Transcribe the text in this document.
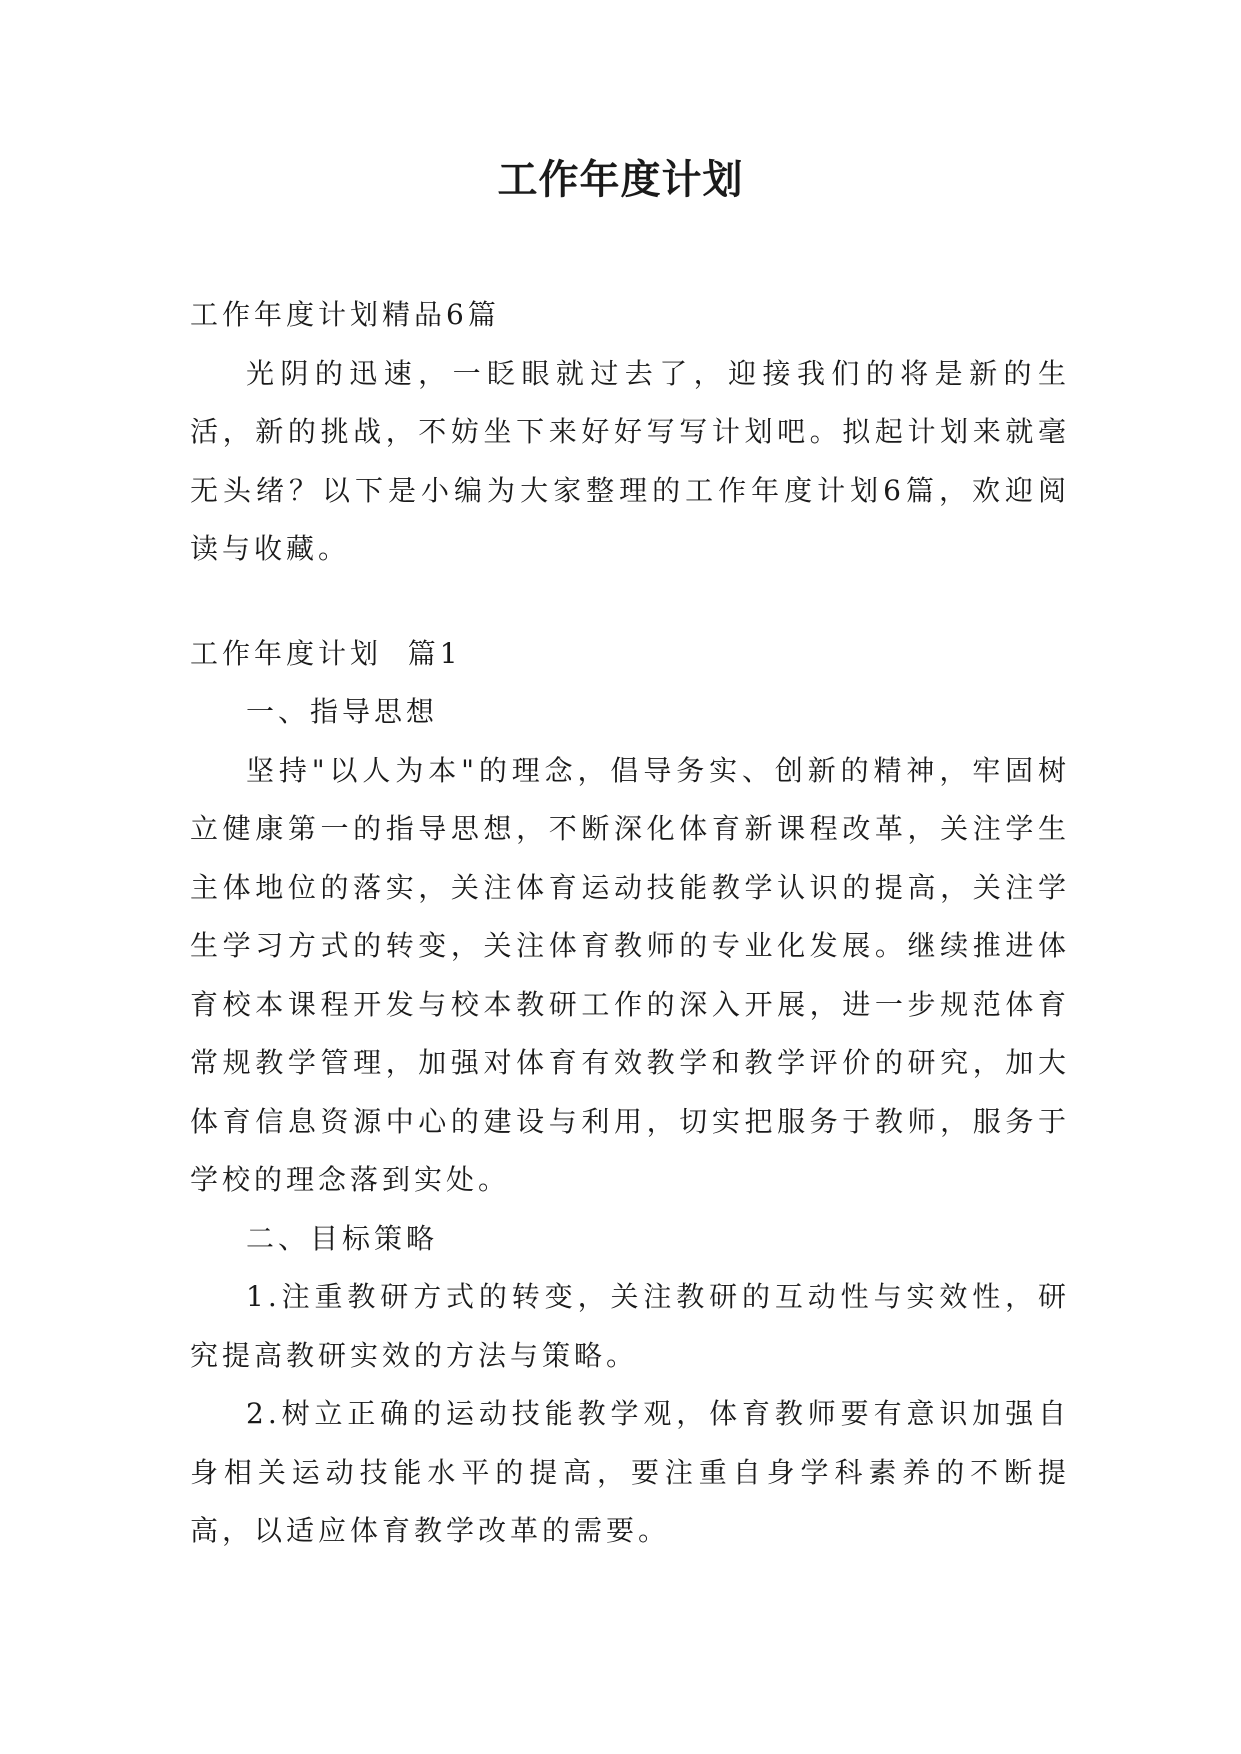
工作年度计划

工作年度计划精品6篇

光阴的迅速，一眨眼就过去了，迎接我们的将是新的生活，新的挑战，不妨坐下来好好写写计划吧。拟起计划来就毫无头绪？以下是小编为大家整理的工作年度计划6篇，欢迎阅读与收藏。

工作年度计划  篇1

一、指导思想

坚持"以人为本"的理念，倡导务实、创新的精神，牢固树立健康第一的指导思想，不断深化体育新课程改革，关注学生主体地位的落实，关注体育运动技能教学认识的提高，关注学生学习方式的转变，关注体育教师的专业化发展。继续推进体育校本课程开发与校本教研工作的深入开展，进一步规范体育常规教学管理，加强对体育有效教学和教学评价的研究，加大体育信息资源中心的建设与利用，切实把服务于教师，服务于学校的理念落到实处。

二、目标策略

1.注重教研方式的转变，关注教研的互动性与实效性，研究提高教研实效的方法与策略。

2.树立正确的运动技能教学观，体育教师要有意识加强自身相关运动技能水平的提高，要注重自身学科素养的不断提高，以适应体育教学改革的需要。
